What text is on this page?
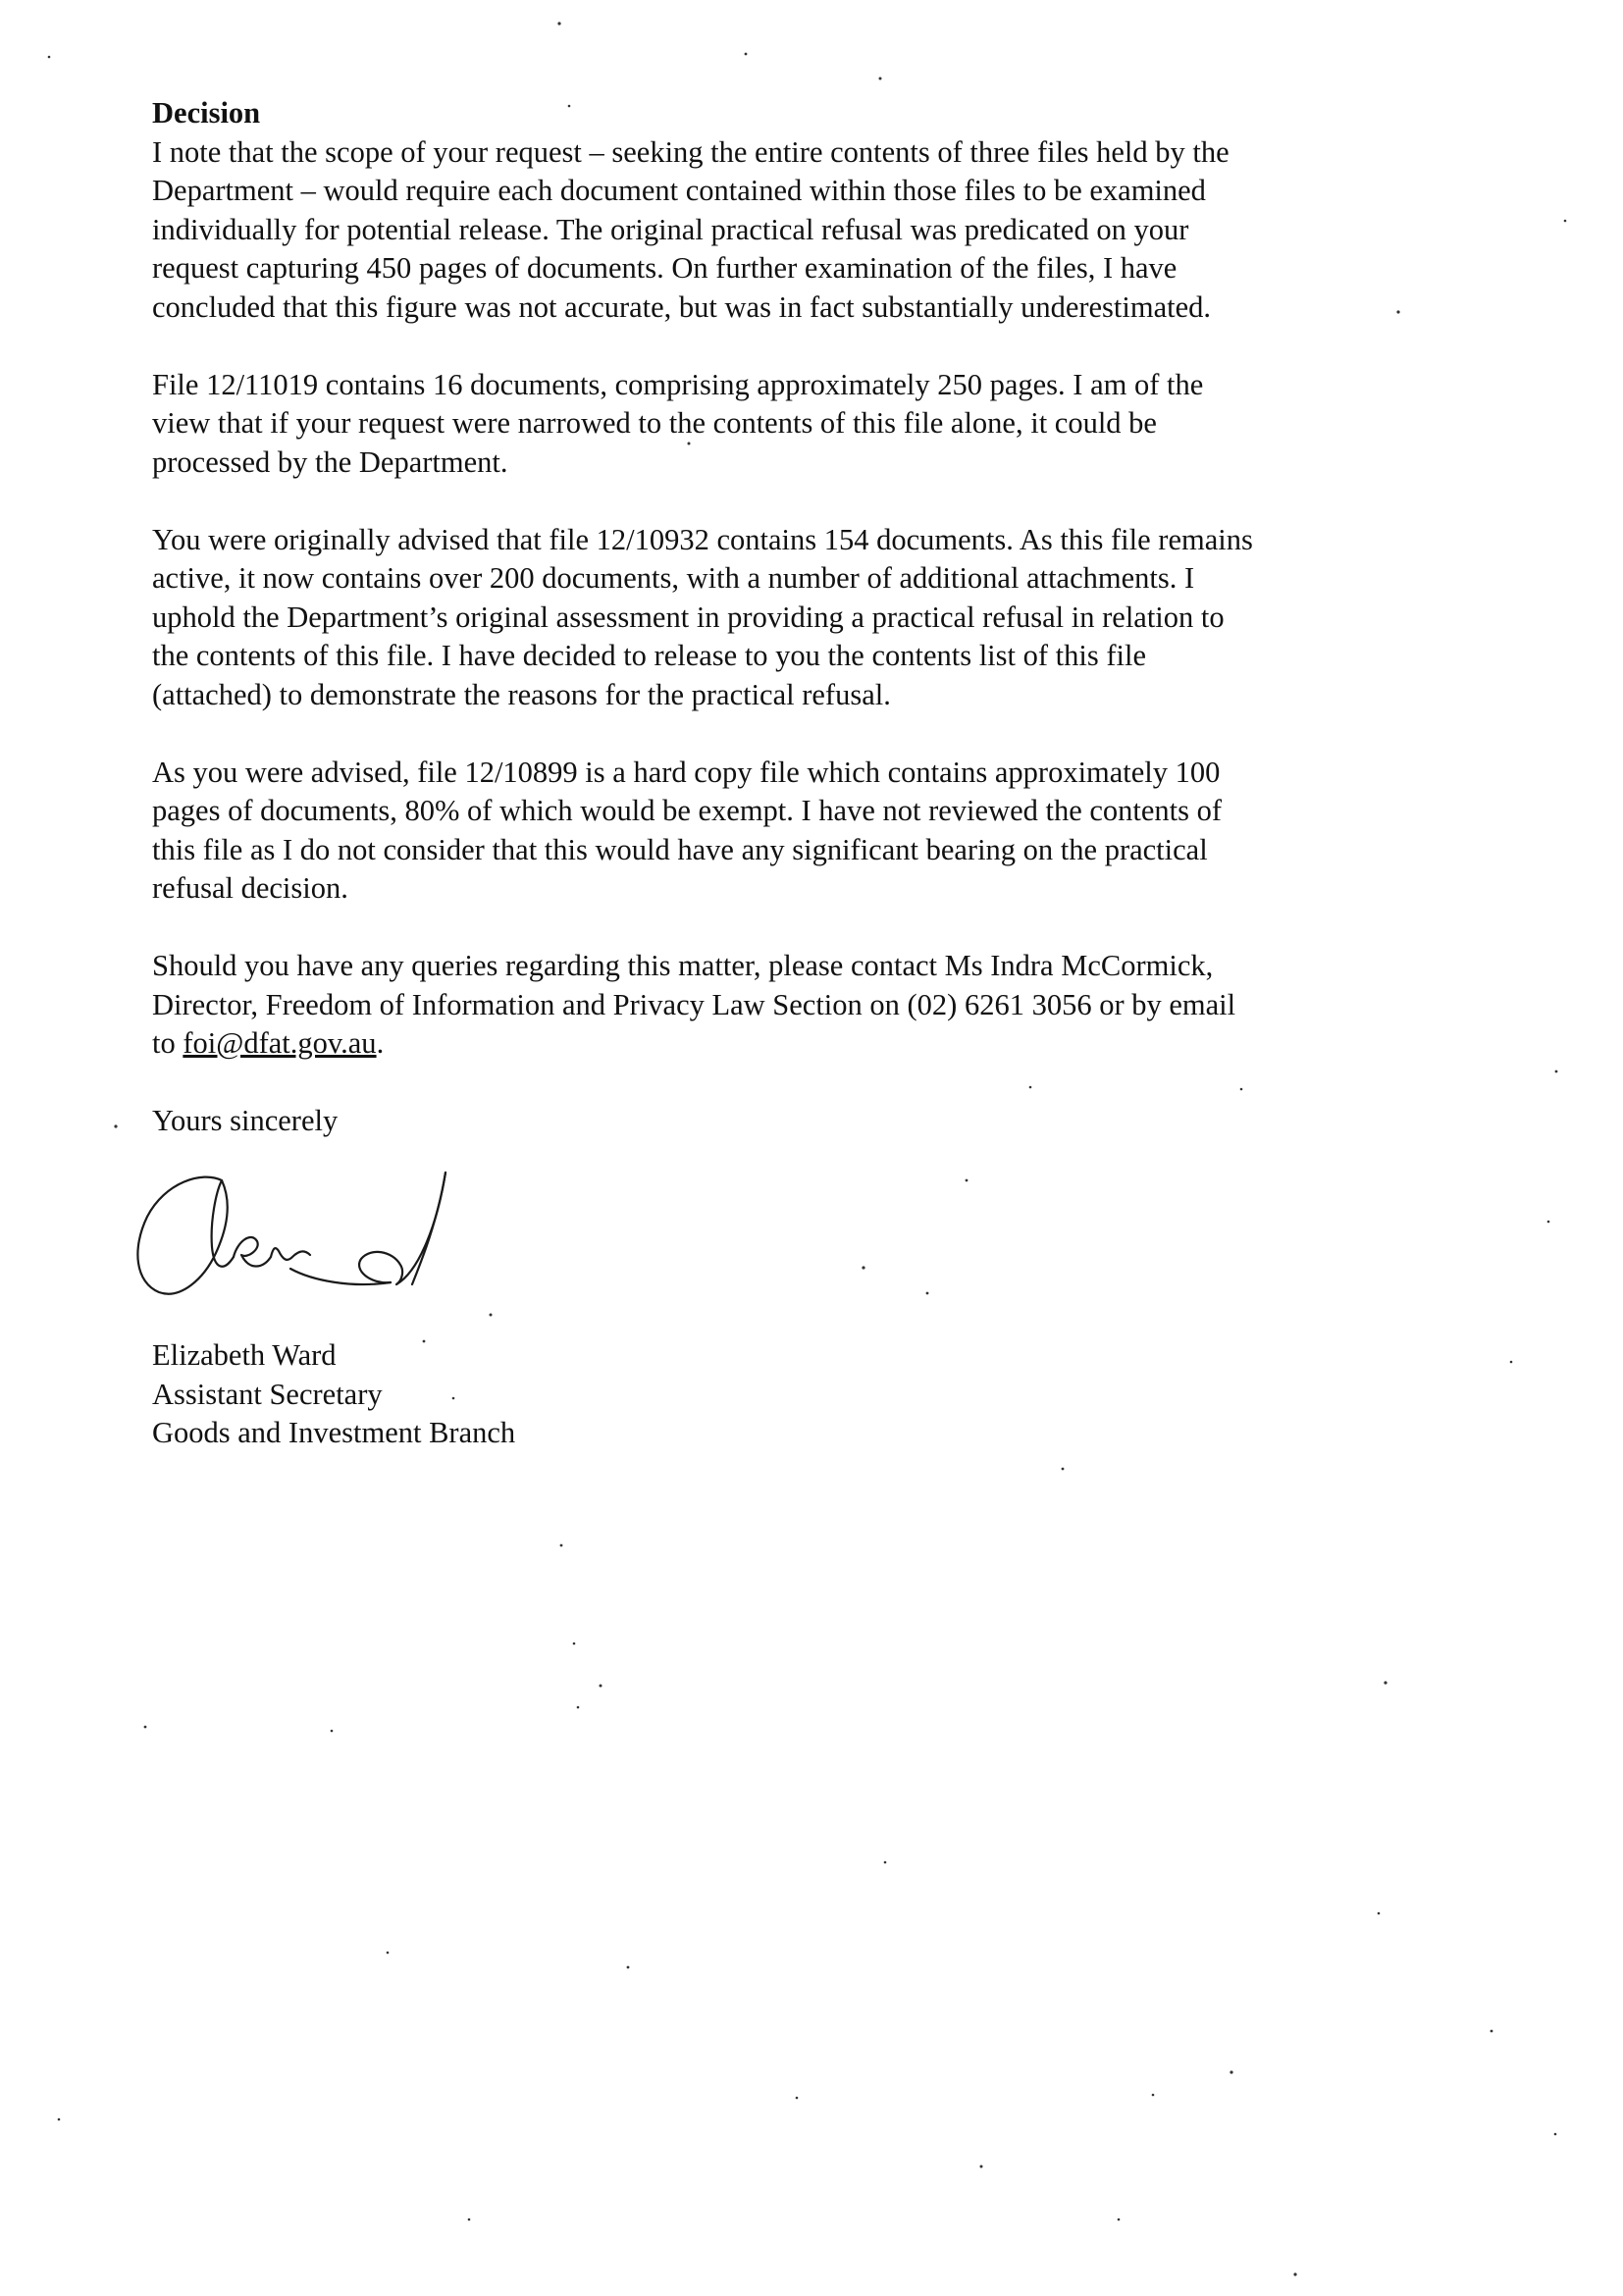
Decision

I note that the scope of your request – seeking the entire contents of three files held by the
Department – would require each document contained within those files to be examined
individually for potential release. The original practical refusal was predicated on your
request capturing 450 pages of documents. On further examination of the files, I have
concluded that this figure was not accurate, but was in fact substantially underestimated.

File 12/11019 contains 16 documents, comprising approximately 250 pages. I am of the
view that if your request were narrowed to the contents of this file alone, it could be
processed by the Department.

You were originally advised that file 12/10932 contains 154 documents. As this file remains
active, it now contains over 200 documents, with a number of additional attachments. I
uphold the Department’s original assessment in providing a practical refusal in relation to
the contents of this file. I have decided to release to you the contents list of this file
(attached) to demonstrate the reasons for the practical refusal.

As you were advised, file 12/10899 is a hard copy file which contains approximately 100
pages of documents, 80% of which would be exempt. I have not reviewed the contents of
this file as I do not consider that this would have any significant bearing on the practical
refusal decision.

Should you have any queries regarding this matter, please contact Ms Indra McCormick,
Director, Freedom of Information and Privacy Law Section on (02) 6261 3056 or by email
to foi@dfat.gov.au.

Yours sincerely

Elizabeth Ward
Assistant Secretary
Goods and Investment Branch
